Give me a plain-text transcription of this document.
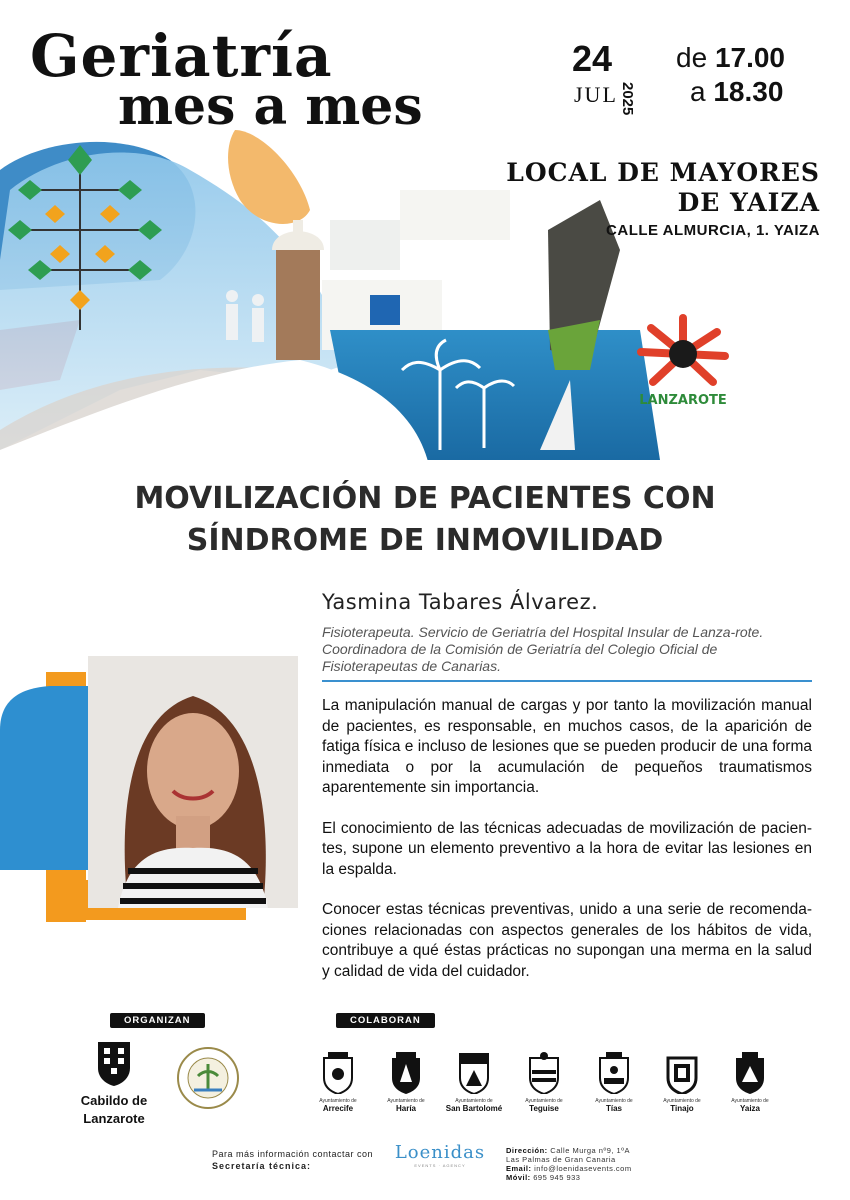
Geriatría
mes a mes
24
JUL 2025
de 17.00
a 18.30
LOCAL DE MAYORES
DE YAIZA
CALLE ALMURCIA, 1. YAIZA
LANZAROTE
MOVILIZACIÓN DE PACIENTES CON
SÍNDROME DE INMOVILIDAD
Yasmina Tabares Álvarez.
Fisioterapeuta. Servicio de Geriatría del Hospital Insular de Lanza-rote. Coordinadora de la Comisión de Geriatría del Colegio Oficial de Fisioterapeutas de Canarias.

La manipulación manual de cargas y por tanto la movilización manual de pacientes, es responsable, en muchos casos, de la aparición de fatiga física e incluso de lesiones que se pueden producir de una forma inmediata o por la acumulación de pequeños traumatismos aparentemente sin importancia.

El conocimiento de las técnicas adecuadas de movilización de pacien-tes, supone un elemento preventivo a la hora de evitar las lesiones en la espalda.

Conocer estas técnicas preventivas, unido a una serie de recomenda-ciones relacionadas con aspectos generales de los hábitos de vida, contribuye a qué éstas prácticas no supongan una merma en la salud y calidad de vida del cuidador.

ORGANIZAN	COLABORAN
Cabildo de
Lanzarote
Ayuntamiento de
Arrecife
Ayuntamiento de
Haría
Ayuntamiento de
San Bartolomé
Ayuntamiento de
Teguise
Ayuntamiento de
Tías
Ayuntamiento de
Tinajo
Ayuntamiento de
Yaiza
Para más información contactar con
Secretaría técnica:
Loenidas
EVENTS · AGENCY
Dirección: Calle Murga nº9, 1ºA
Las Palmas de Gran Canaria
Email: info@loenidasevents.com
Móvil: 695 945 933
